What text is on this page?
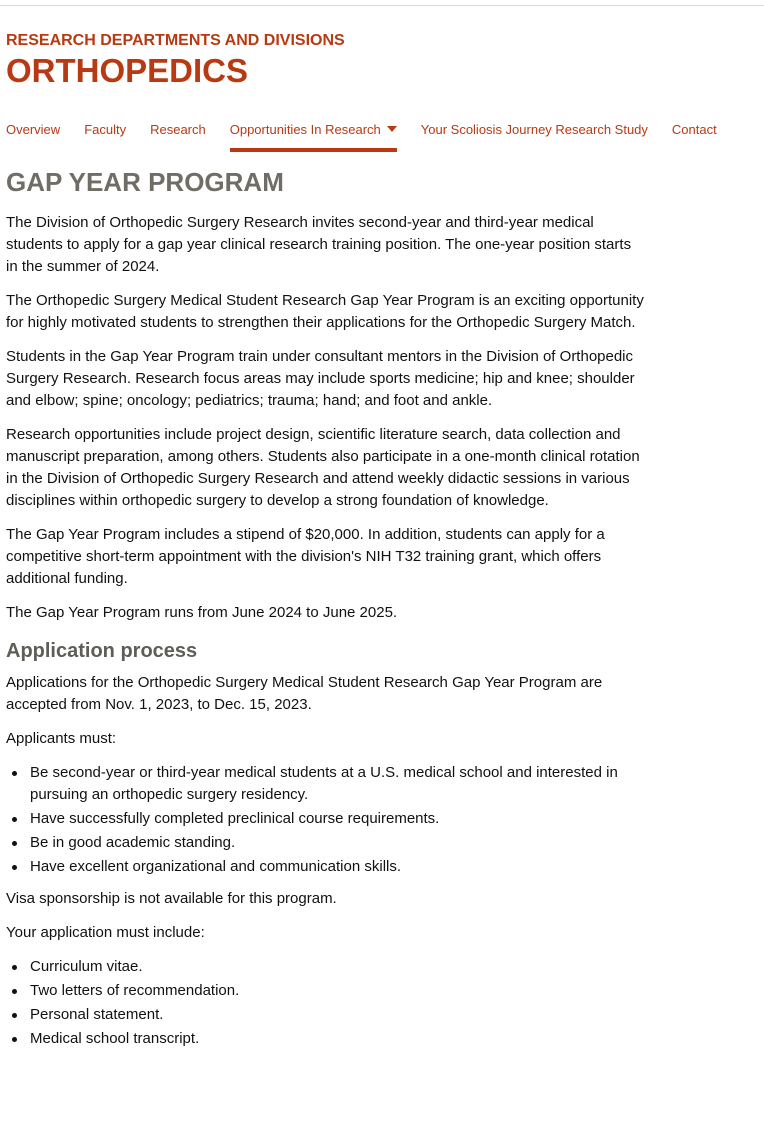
RESEARCH DEPARTMENTS AND DIVISIONS
ORTHOPEDICS
Overview Faculty Research Opportunities In Research	Your Scoliosis Journey Research Study Contact
GAP YEAR PROGRAM

The Division of Orthopedic Surgery Research invites second-year and third-year medical students to apply for a gap year clinical research training position. The one-year position starts in the summer of 2024.

The Orthopedic Surgery Medical Student Research Gap Year Program is an exciting opportunity for highly motivated students to strengthen their applications for the Orthopedic Surgery Match.

Students in the Gap Year Program train under consultant mentors in the Division of Orthopedic Surgery Research. Research focus areas may include sports medicine; hip and knee; shoulder and elbow; spine; oncology; pediatrics; trauma; hand; and foot and ankle.

Research opportunities include project design, scientific literature search, data collection and manuscript preparation, among others. Students also participate in a one-month clinical rotation in the Division of Orthopedic Surgery Research and attend weekly didactic sessions in various disciplines within orthopedic surgery to develop a strong foundation of knowledge.

The Gap Year Program includes a stipend of $20,000. In addition, students can apply for a competitive short-term appointment with the division's NIH T32 training grant, which offers additional funding.

The Gap Year Program runs from June 2024 to June 2025.

Application process

Applications for the Orthopedic Surgery Medical Student Research Gap Year Program are accepted from Nov. 1, 2023, to Dec. 15, 2023.

Applicants must:

Be second-year or third-year medical students at a U.S. medical school and interested in pursuing an orthopedic surgery residency.
Have successfully completed preclinical course requirements.
Be in good academic standing.
Have excellent organizational and communication skills.

Visa sponsorship is not available for this program.

Your application must include:

Curriculum vitae.
Two letters of recommendation.
Personal statement.
Medical school transcript.
